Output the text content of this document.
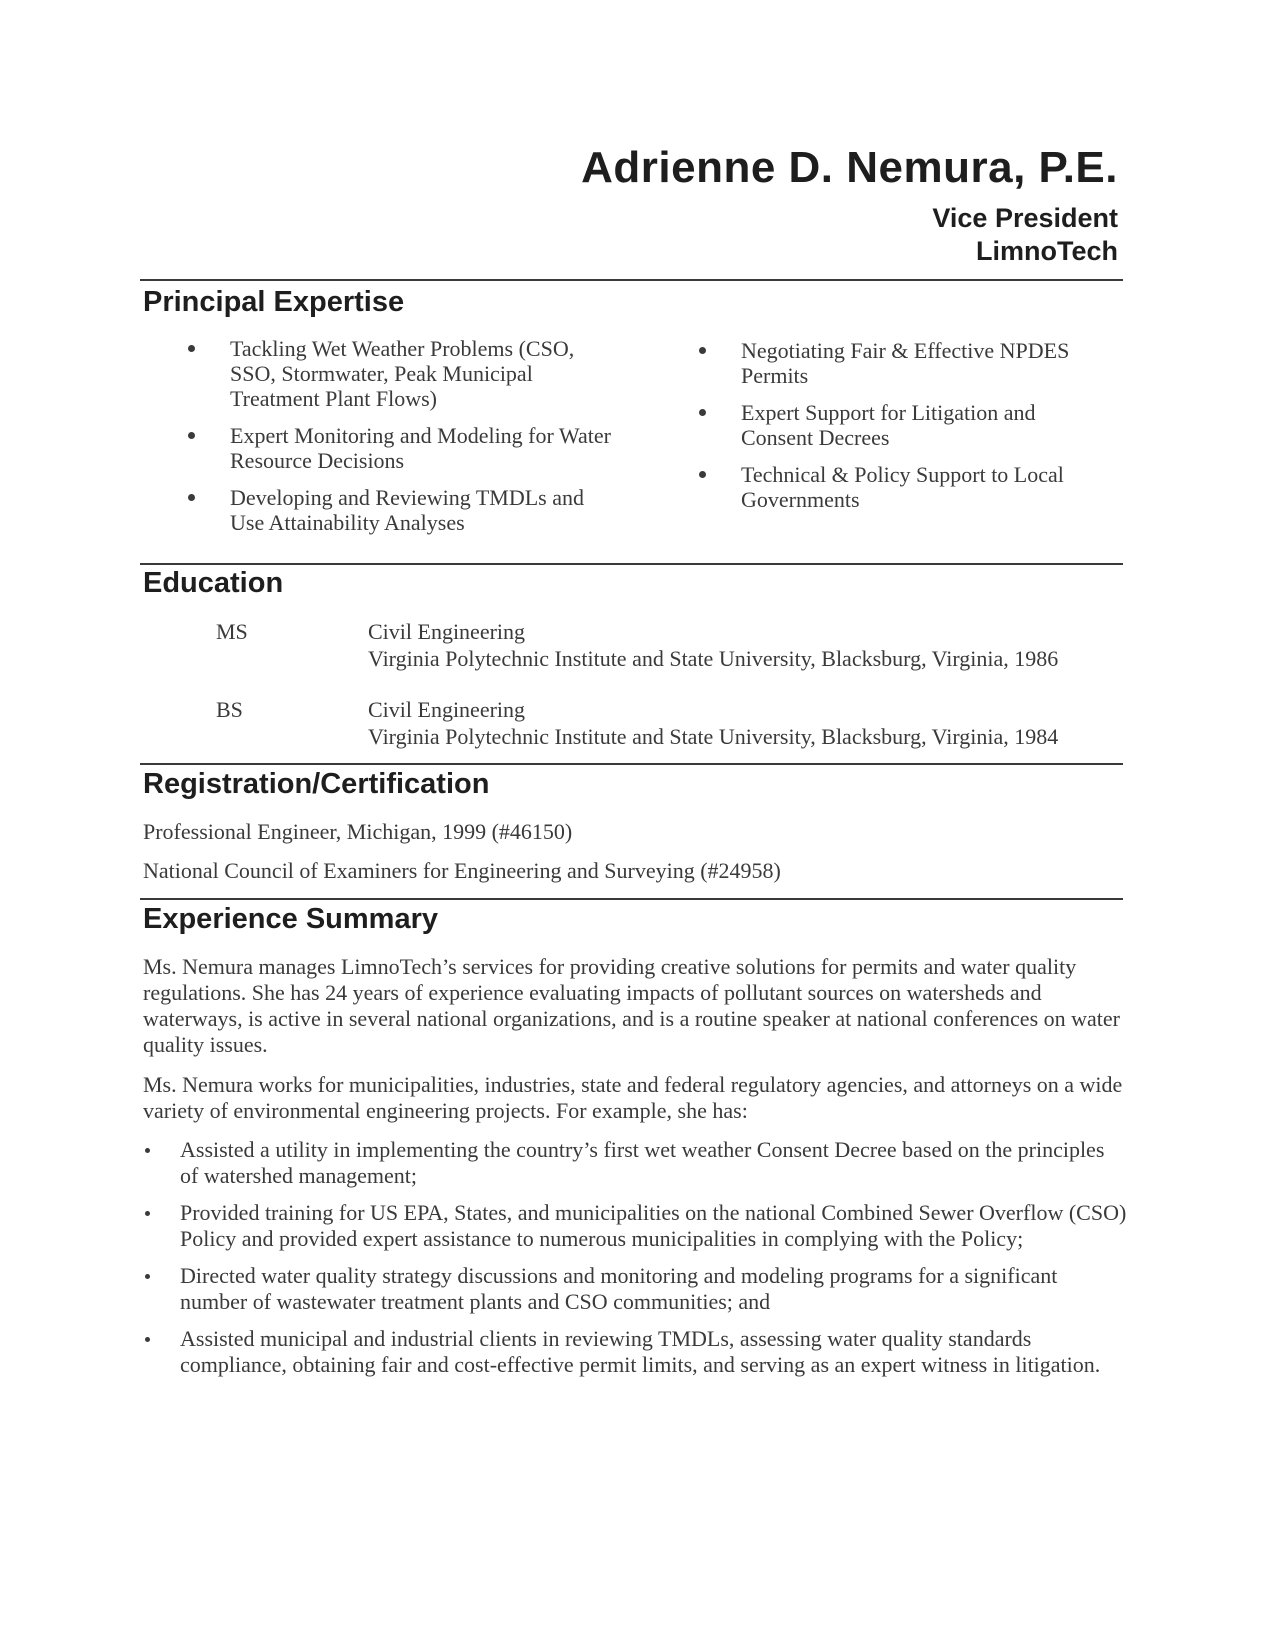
Adrienne D. Nemura, P.E.
Vice President
LimnoTech
Principal Expertise
Tackling Wet Weather Problems (CSO, SSO, Stormwater, Peak Municipal Treatment Plant Flows)
Expert Monitoring and Modeling for Water Resource Decisions
Developing and Reviewing TMDLs and Use Attainability Analyses
Negotiating Fair & Effective NPDES Permits
Expert Support for Litigation and Consent Decrees
Technical & Policy Support to Local Governments
Education
MS	Civil Engineering
Virginia Polytechnic Institute and State University, Blacksburg, Virginia, 1986
BS	Civil Engineering
Virginia Polytechnic Institute and State University, Blacksburg, Virginia, 1984
Registration/Certification
Professional Engineer, Michigan, 1999 (#46150)
National Council of Examiners for Engineering and Surveying (#24958)
Experience Summary
Ms. Nemura manages LimnoTech’s services for providing creative solutions for permits and water quality regulations. She has 24 years of experience evaluating impacts of pollutant sources on watersheds and waterways, is active in several national organizations, and is a routine speaker at national conferences on water quality issues.
Ms. Nemura works for municipalities, industries, state and federal regulatory agencies, and attorneys on a wide variety of environmental engineering projects. For example, she has:
Assisted a utility in implementing the country’s first wet weather Consent Decree based on the principles of watershed management;
Provided training for US EPA, States, and municipalities on the national Combined Sewer Overflow (CSO) Policy and provided expert assistance to numerous municipalities in complying with the Policy;
Directed water quality strategy discussions and monitoring and modeling programs for a significant number of wastewater treatment plants and CSO communities; and
Assisted municipal and industrial clients in reviewing TMDLs, assessing water quality standards compliance, obtaining fair and cost-effective permit limits, and serving as an expert witness in litigation.
